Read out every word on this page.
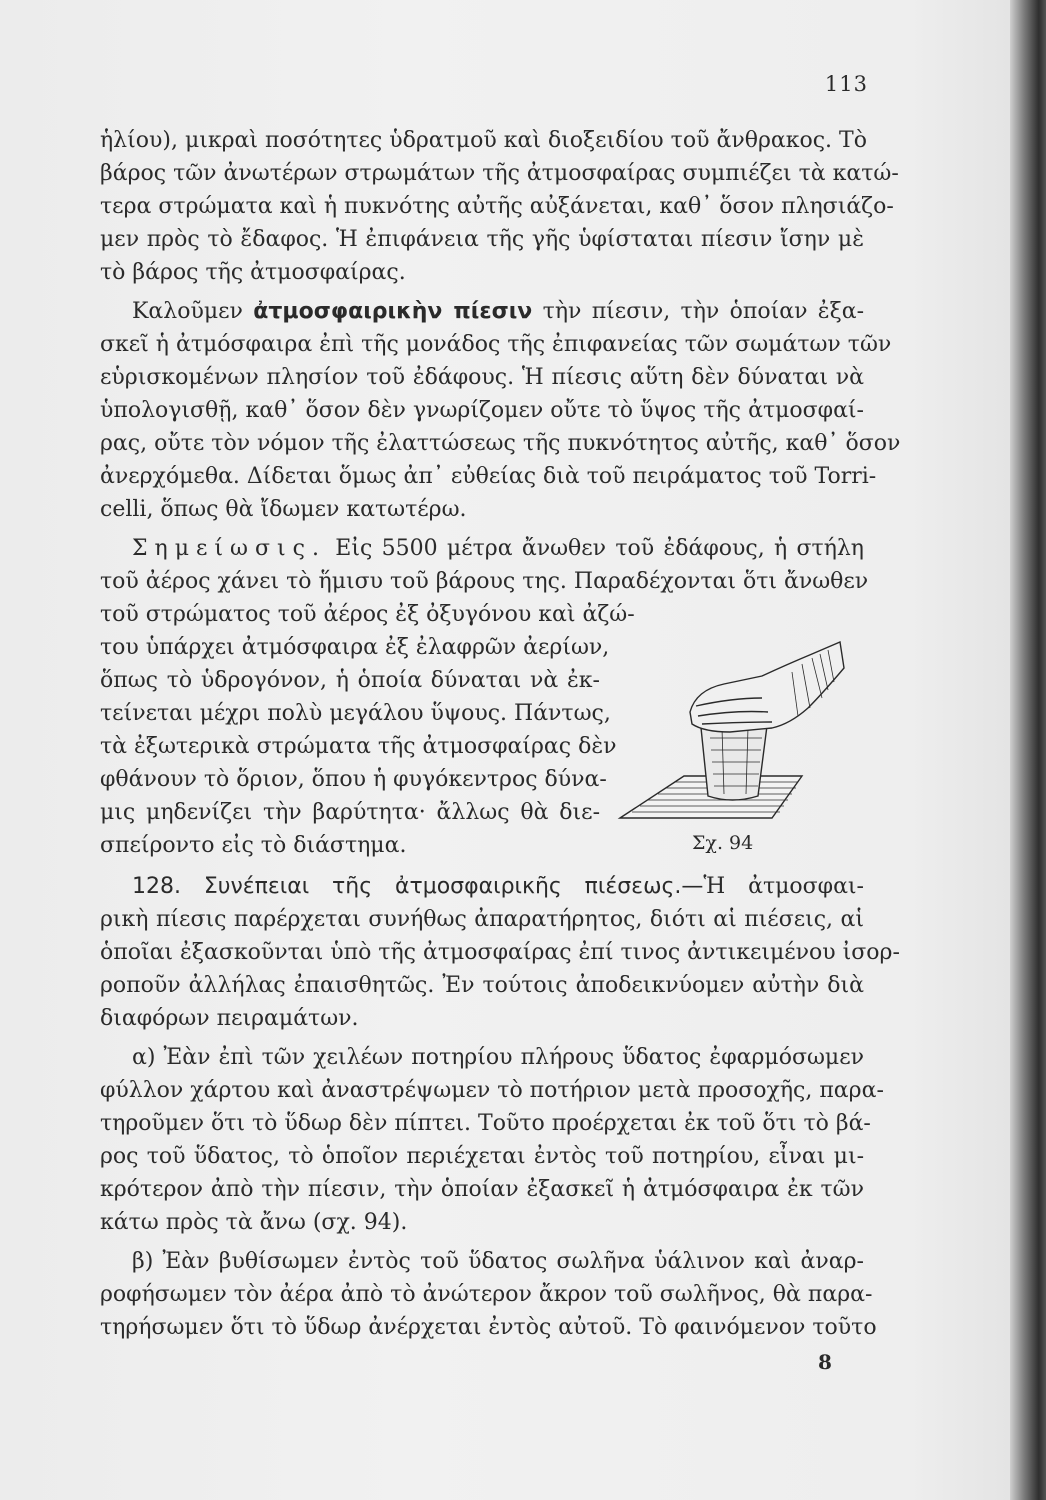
113
ἡλίου), μικραὶ ποσότητες ὑδρατμοῦ καὶ διοξειδίου τοῦ ἄνθρακος. Τὸ
βάρος τῶν ἀνωτέρων στρωμάτων τῆς ἀτμοσφαίρας συμπιέζει τὰ κατώ-
τερα στρώματα καὶ ἡ πυκνότης αὐτῆς αὐξάνεται, καθ᾽ ὅσον πλησιάζο-
μεν πρὸς τὸ ἔδαφος. Ἡ ἐπιφάνεια τῆς γῆς ὑφίσταται πίεσιν ἴσην μὲ
τὸ βάρος τῆς ἀτμοσφαίρας.
Καλοῦμεν ἀτμοσφαιρικὴν πίεσιν τὴν πίεσιν, τὴν ὁποίαν ἐξα-
σκεῖ ἡ ἀτμόσφαιρα ἐπὶ τῆς μονάδος τῆς ἐπιφανείας τῶν σωμάτων τῶν
εὑρισκομένων πλησίον τοῦ ἐδάφους. Ἡ πίεσις αὕτη δὲν δύναται νὰ
ὑπολογισθῇ, καθ᾽ ὅσον δὲν γνωρίζομεν οὔτε τὸ ὕψος τῆς ἀτμοσφαί-
ρας, οὔτε τὸν νόμον τῆς ἐλαττώσεως τῆς πυκνότητος αὐτῆς, καθ᾽ ὅσον
ἀνερχόμεθα. Δίδεται ὅμως ἀπ᾽ εὐθείας διὰ τοῦ πειράματος τοῦ Torri-
celli, ὅπως θὰ ἴδωμεν κατωτέρω.
Σημείωσις. Εἰς 5500 μέτρα ἄνωθεν τοῦ ἐδάφους, ἡ στήλη
τοῦ ἀέρος χάνει τὸ ἥμισυ τοῦ βάρους της. Παραδέχονται ὅτι ἄνωθεν
τοῦ στρώματος τοῦ ἀέρος ἐξ ὀξυγόνου καὶ ἀζώ-
του ὑπάρχει ἀτμόσφαιρα ἐξ ἐλαφρῶν ἀερίων,
ὅπως τὸ ὑδρογόνον, ἡ ὁποία δύναται νὰ ἐκ-
τείνεται μέχρι πολὺ μεγάλου ὕψους. Πάντως,
τὰ ἐξωτερικὰ στρώματα τῆς ἀτμοσφαίρας δὲν
φθάνουν τὸ ὅριον, ὅπου ἡ φυγόκεντρος δύνα-
μις μηδενίζει τὴν βαρύτητα· ἄλλως θὰ διε-
σπείροντο εἰς τὸ διάστημα.	Σχ. 94
128. Συνέπειαι τῆς ἀτμοσφαιρικῆς πιέσεως.—Ἡ ἀτμοσφαι-
ρικὴ πίεσις παρέρχεται συνήθως ἀπαρατήρητος, διότι αἱ πιέσεις, αἱ
ὁποῖαι ἐξασκοῦνται ὑπὸ τῆς ἀτμοσφαίρας ἐπί τινος ἀντικειμένου ἰσορ-
ροποῦν ἀλλήλας ἐπαισθητῶς. Ἐν τούτοις ἀποδεικνύομεν αὐτὴν διὰ
διαφόρων πειραμάτων.
α) Ἐὰν ἐπὶ τῶν χειλέων ποτηρίου πλήρους ὕδατος ἐφαρμόσωμεν
φύλλον χάρτου καὶ ἀναστρέψωμεν τὸ ποτήριον μετὰ προσοχῆς, παρα-
τηροῦμεν ὅτι τὸ ὕδωρ δὲν πίπτει. Τοῦτο προέρχεται ἐκ τοῦ ὅτι τὸ βά-
ρος τοῦ ὕδατος, τὸ ὁποῖον περιέχεται ἐντὸς τοῦ ποτηρίου, εἶναι μι-
κρότερον ἀπὸ τὴν πίεσιν, τὴν ὁποίαν ἐξασκεῖ ἡ ἀτμόσφαιρα ἐκ τῶν
κάτω πρὸς τὰ ἄνω (σχ. 94).
β) Ἐὰν βυθίσωμεν ἐντὸς τοῦ ὕδατος σωλῆνα ὑάλινον καὶ ἀναρ-
ροφήσωμεν τὸν ἀέρα ἀπὸ τὸ ἀνώτερον ἄκρον τοῦ σωλῆνος, θὰ παρα-
τηρήσωμεν ὅτι τὸ ὕδωρ ἀνέρχεται ἐντὸς αὐτοῦ. Τὸ φαινόμενον τοῦτο
8
